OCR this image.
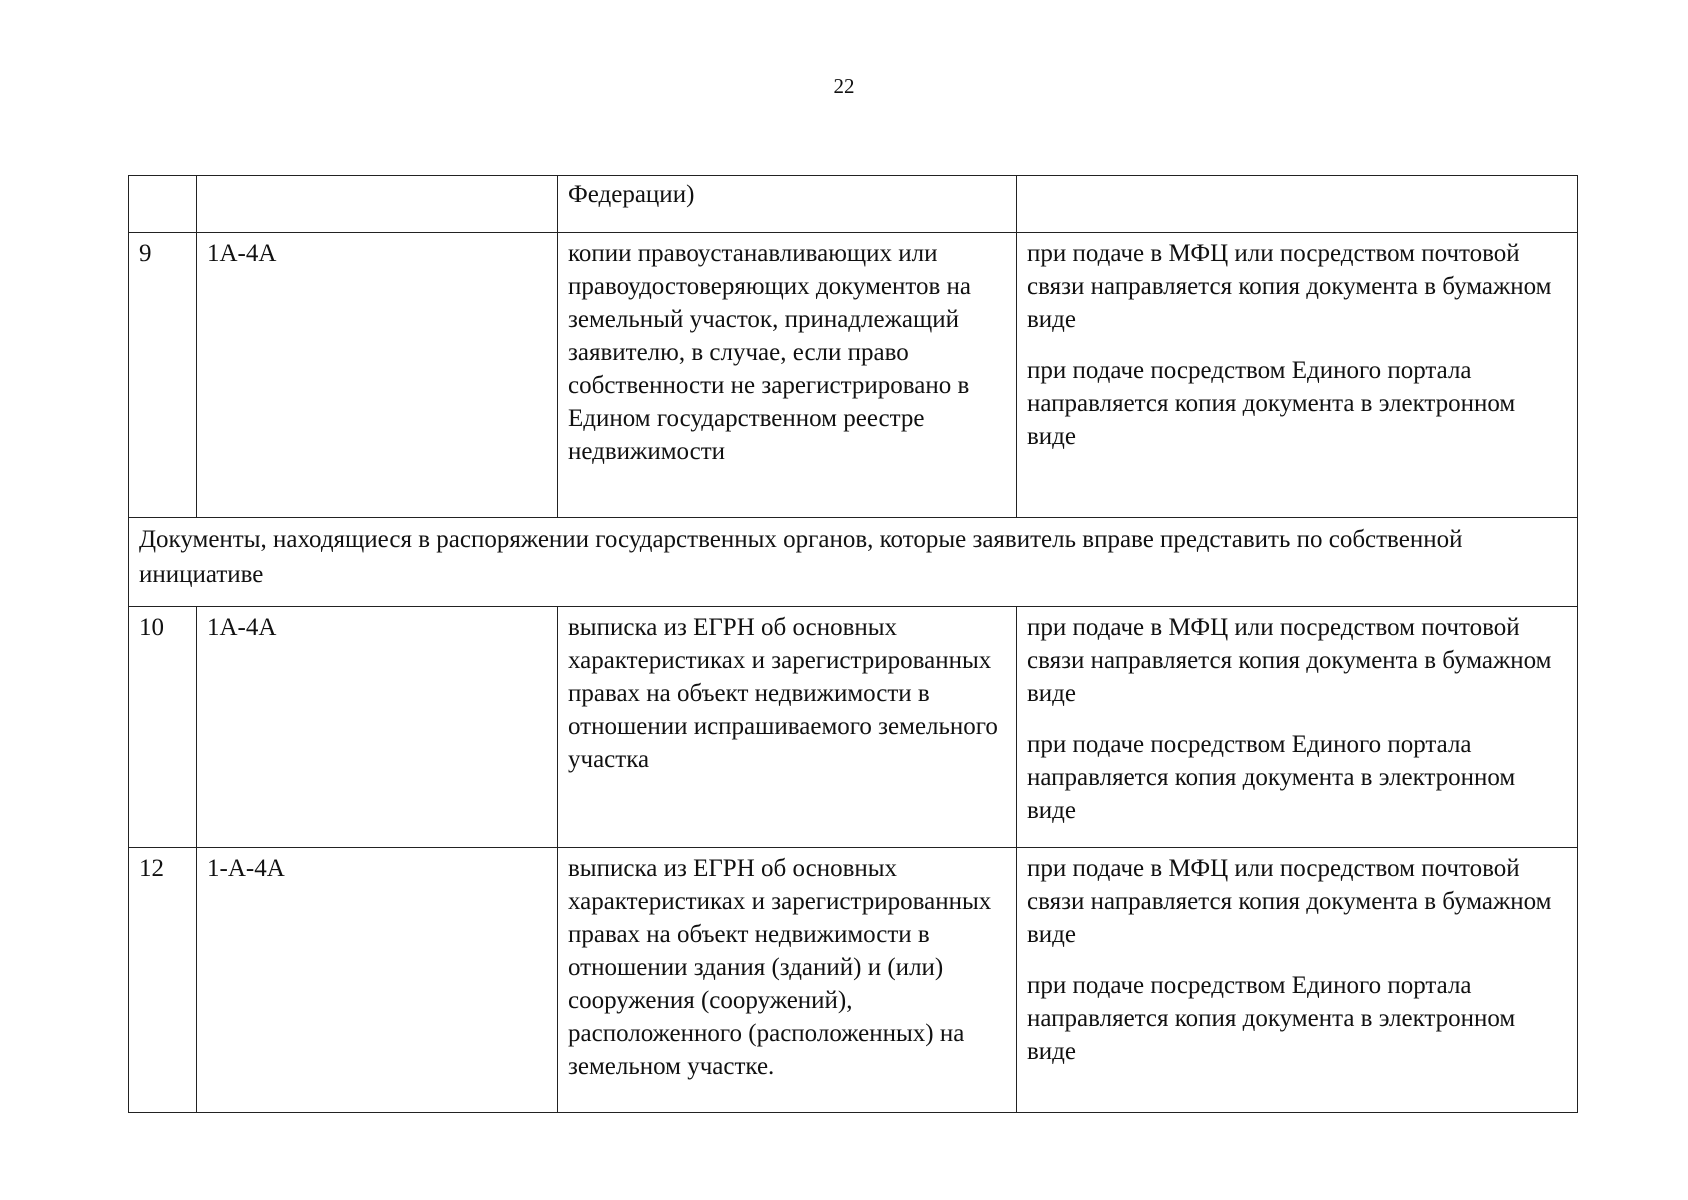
22
		Федерации)	
9	1А-4А	копии правоустанавливающих или правоудостоверяющих документов на земельный участок, принадлежащий заявителю, в случае, если право собственности не зарегистрировано в Едином государственном реестре недвижимости	при подаче в МФЦ или посредством почтовой связи направляется копия документа в бумажном виде

при подаче посредством Единого портала направляется копия документа в электронном виде

Документы, находящиеся в распоряжении государственных органов, которые заявитель вправе представить по собственной инициативе			
10	1А-4А	выписка из ЕГРН об основных характеристиках и зарегистрированных правах на объект недвижимости в отношении испрашиваемого земельного участка	при подаче в МФЦ или посредством почтовой связи направляется копия документа в бумажном виде

при подаче посредством Единого портала направляется копия документа в электронном виде

12	1-А-4А	выписка из ЕГРН об основных характеристиках и зарегистрированных правах на объект недвижимости в отношении здания (зданий) и (или) сооружения (сооружений), расположенного (расположенных) на земельном участке.	при подаче в МФЦ или посредством почтовой связи направляется копия документа в бумажном виде

при подаче посредством Единого портала направляется копия документа в электронном виде
